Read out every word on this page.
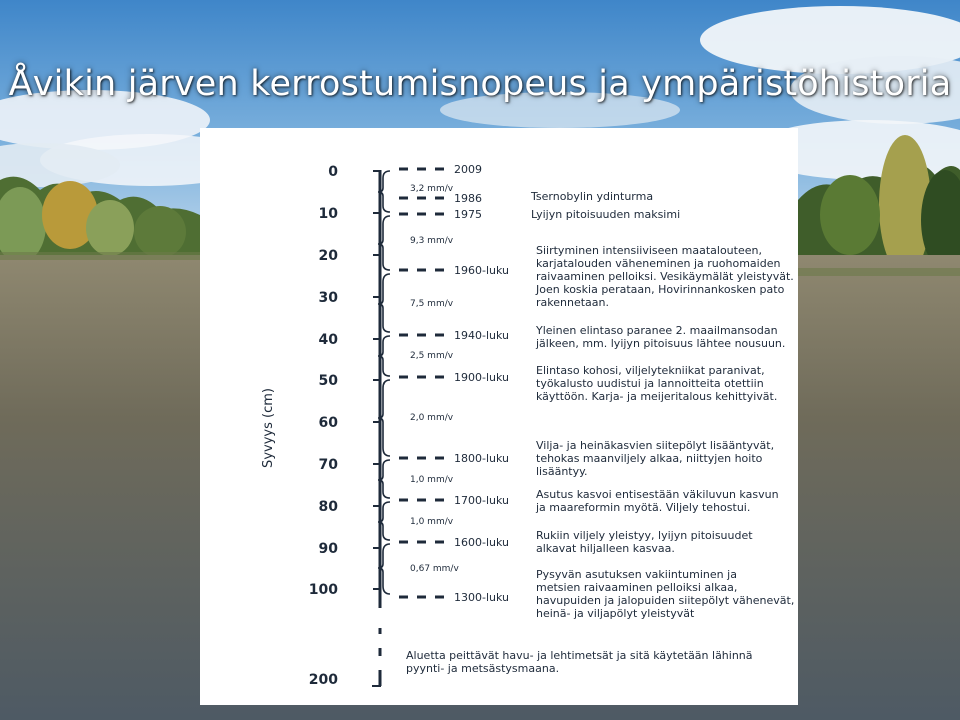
Åvikin järven kerrostumisnopeus ja ympäristöhistoria
Syvyys (cm)
0
10
20
30
40
50
60
70
80
90
100
200
2009
1986
1975
1960-luku
1940-luku
1900-luku
1800-luku
1700-luku
1600-luku
1300-luku
3,2 mm/v
9,3 mm/v
7,5 mm/v
2,5 mm/v
2,0 mm/v
1,0 mm/v
1,0 mm/v
0,67 mm/v
Tsernobylin ydinturma
Lyijyn pitoisuuden maksimi
Siirtyminen intensiiviseen maatalouteen,
karjatalouden väheneminen ja ruohomaiden
raivaaminen pelloiksi. Vesikäymälät yleistyvät.
Joen koskia perataan, Hovirinnankosken pato
rakennetaan.
Yleinen elintaso paranee 2. maailmansodan
jälkeen, mm. lyijyn pitoisuus lähtee nousuun.
Elintaso kohosi, viljelytekniikat paranivat,
työkalusto uudistui ja lannoitteita otettiin
käyttöön. Karja- ja meijeritalous kehittyivät.
Vilja- ja heinäkasvien siitepölyt lisääntyvät,
tehokas maanviljely alkaa, niittyjen hoito
lisääntyy.
Asutus kasvoi entisestään väkiluvun kasvun
ja maareformin myötä. Viljely tehostui.
Rukiin viljely yleistyy, lyijyn pitoisuudet
alkavat hiljalleen kasvaa.
Pysyvän asutuksen vakiintuminen ja
metsien raivaaminen pelloiksi alkaa,
havupuiden ja jalopuiden siitepölyt vähenevät,
heinä- ja viljapölyt yleistyvät
Aluetta peittävät havu- ja lehtimetsät ja sitä käytetään lähinnä
pyynti- ja metsästysmaana.
